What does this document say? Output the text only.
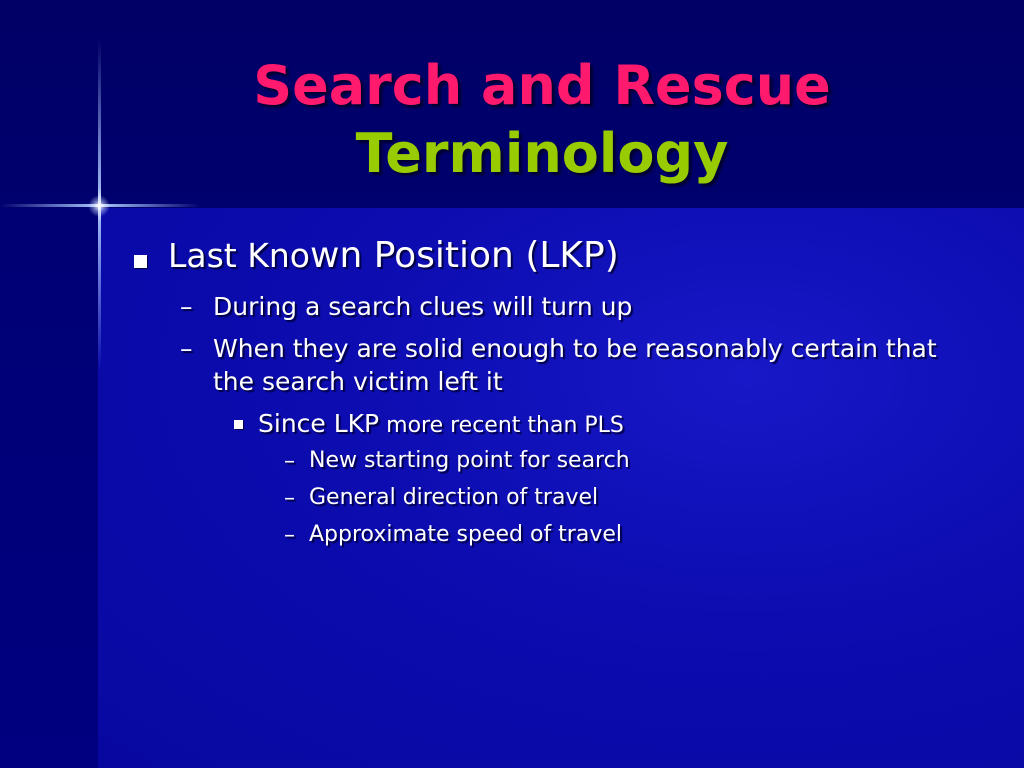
Search and Rescue
Terminology
Last Known Position (LKP)
– During a search clues will turn up
– When they are solid enough to be reasonably certain that
the search victim left it
Since LKP more recent than PLS
– New starting point for search
– General direction of travel
– Approximate speed of travel
